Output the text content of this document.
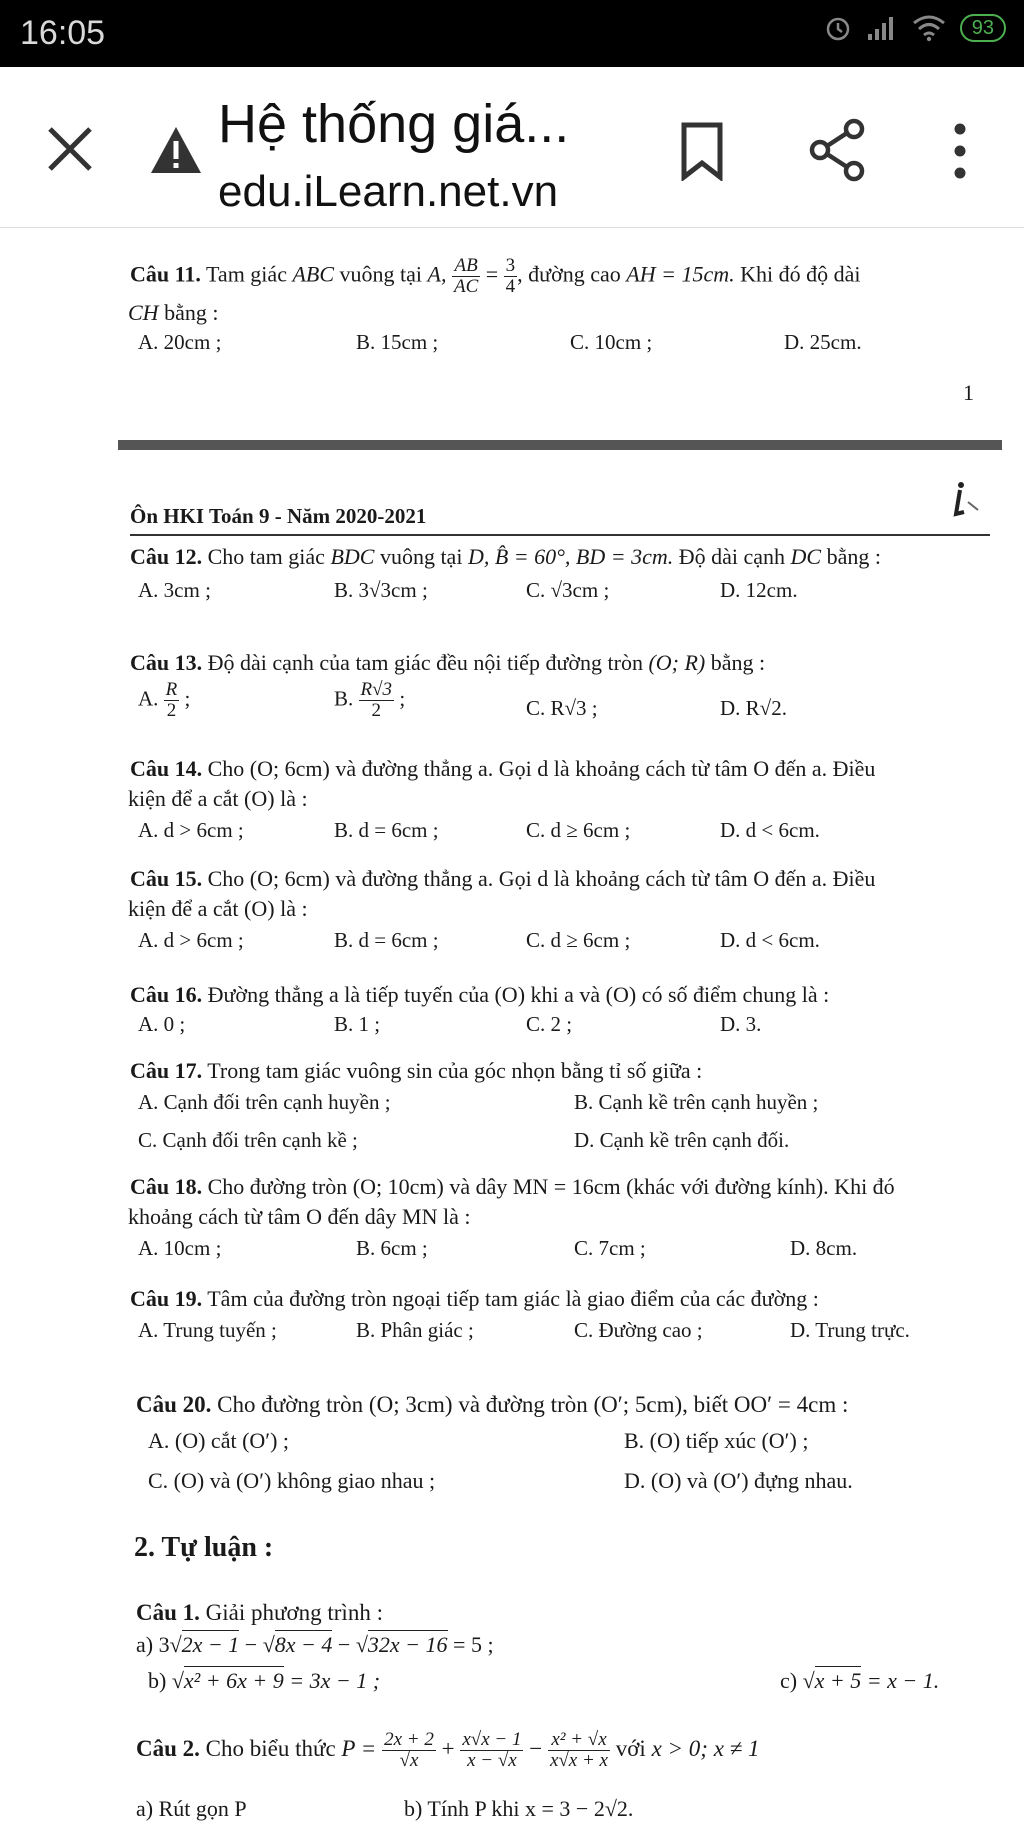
16:05	93
Hệ thống giá...
edu.iLearn.net.vn
Câu 11. Tam giác ABC vuông tại A, $\frac{AB}{AC} = \frac{3}{4}$ , đường cao AH = 15cm. Khi đó độ dài
CH bằng :
A. 20cm ;	B. 15cm ;	C. 10cm ;	D. 25cm.
1
Ôn HKI Toán 9 - Năm 2020-2021
Câu 12. Cho tam giác BDC vuông tại D, B̂ = 60°, BD = 3cm. Độ dài cạnh DC bằng :
A. 3cm ;	B. 3√3cm ;	C. √3cm ;	D. 12cm.
Câu 13. Độ dài cạnh của tam giác đều nội tiếp đường tròn (O; R) bằng :
A. $\frac{R}{2}$ ;	B. $\frac{R√3}{2}$ ;	C. R√3 ;	D. R√2.
Câu 14. Cho (O; 6cm) và đường thẳng a. Gọi d là khoảng cách từ tâm O đến a. Điều
kiện để a cắt (O) là :
A. d > 6cm ;	B. d = 6cm ;	C. d ≥ 6cm ;	D. d < 6cm.
Câu 15. Cho (O; 6cm) và đường thẳng a. Gọi d là khoảng cách từ tâm O đến a. Điều
kiện để a cắt (O) là :
A. d > 6cm ;	B. d = 6cm ;	C. d ≥ 6cm ;	D. d < 6cm.
Câu 16. Đường thẳng a là tiếp tuyến của (O) khi a và (O) có số điểm chung là :
A. 0 ;	B. 1 ;	C. 2 ;	D. 3.
Câu 17. Trong tam giác vuông sin của góc nhọn bằng tỉ số giữa :
A. Cạnh đối trên cạnh huyền ;	B. Cạnh kề trên cạnh huyền ;
C. Cạnh đối trên cạnh kề ;	D. Cạnh kề trên cạnh đối.
Câu 18. Cho đường tròn (O; 10cm) và dây MN = 16cm (khác với đường kính). Khi đó
khoảng cách từ tâm O đến dây MN là :
A. 10cm ;	B. 6cm ;	C. 7cm ;	D. 8cm.
Câu 19. Tâm của đường tròn ngoại tiếp tam giác là giao điểm của các đường :
A. Trung tuyến ;	B. Phân giác ;	C. Đường cao ;	D. Trung trực.
Câu 20. Cho đường tròn (O; 3cm) và đường tròn (O′; 5cm), biết OO′ = 4cm :
A. (O) cắt (O′) ;	B. (O) tiếp xúc (O′) ;
C. (O) và (O′) không giao nhau ;	D. (O) và (O′) đựng nhau.
2. Tự luận :
Câu 1. Giải phương trình :
a) 3√2x − 1 − √8x − 4 − √32x − 16 = 5 ;
b) √x² + 6x + 9 = 3x − 1 ;	c) √x + 5 = x − 1.
Câu 2. Cho biểu thức $P = \frac{2x + 2}{√x} + \frac{x√x - 1}{x - √x} - \frac{\text{x² + √x}}{x√x + x}$ với x > 0; x ≠ 1
a) Rút gọn P	b) Tính P khi x = 3 − 2√2.
